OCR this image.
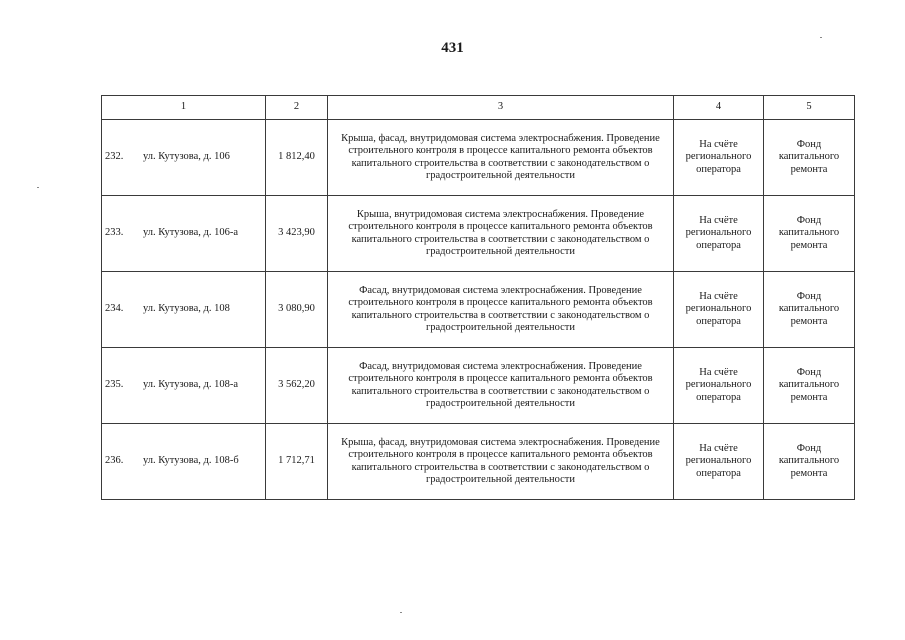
431
1	2	3	4	5
232. ул. Кутузова, д. 106	1 812,40	Крыша, фасад, внутридомовая система электроснабжения. Проведение строительного контроля в процессе капитального ремонта объектов капитального строительства в соответствии с законодательством о градостроительной деятельности	На счёте регионального оператора	Фонд капитального ремонта
233. ул. Кутузова, д. 106-а	3 423,90	Крыша, внутридомовая система электроснабжения. Проведение строительного контроля в процессе капитального ремонта объектов капитального строительства в соответствии с законодательством о градостроительной деятельности	На счёте регионального оператора	Фонд капитального ремонта
234. ул. Кутузова, д. 108	3 080,90	Фасад, внутридомовая система электроснабжения. Проведение строительного контроля в процессе капитального ремонта объектов капитального строительства в соответствии с законодательством о градостроительной деятельности	На счёте регионального оператора	Фонд капитального ремонта
235. ул. Кутузова, д. 108-а	3 562,20	Фасад, внутридомовая система электроснабжения. Проведение строительного контроля в процессе капитального ремонта объектов капитального строительства в соответствии с законодательством о градостроительной деятельности	На счёте регионального оператора	Фонд капитального ремонта
236. ул. Кутузова, д. 108-б	1 712,71	Крыша, фасад, внутридомовая система электроснабжения. Проведение строительного контроля в процессе капитального ремонта объектов капитального строительства в соответствии с законодательством о градостроительной деятельности	На счёте регионального оператора	Фонд капитального ремонта
